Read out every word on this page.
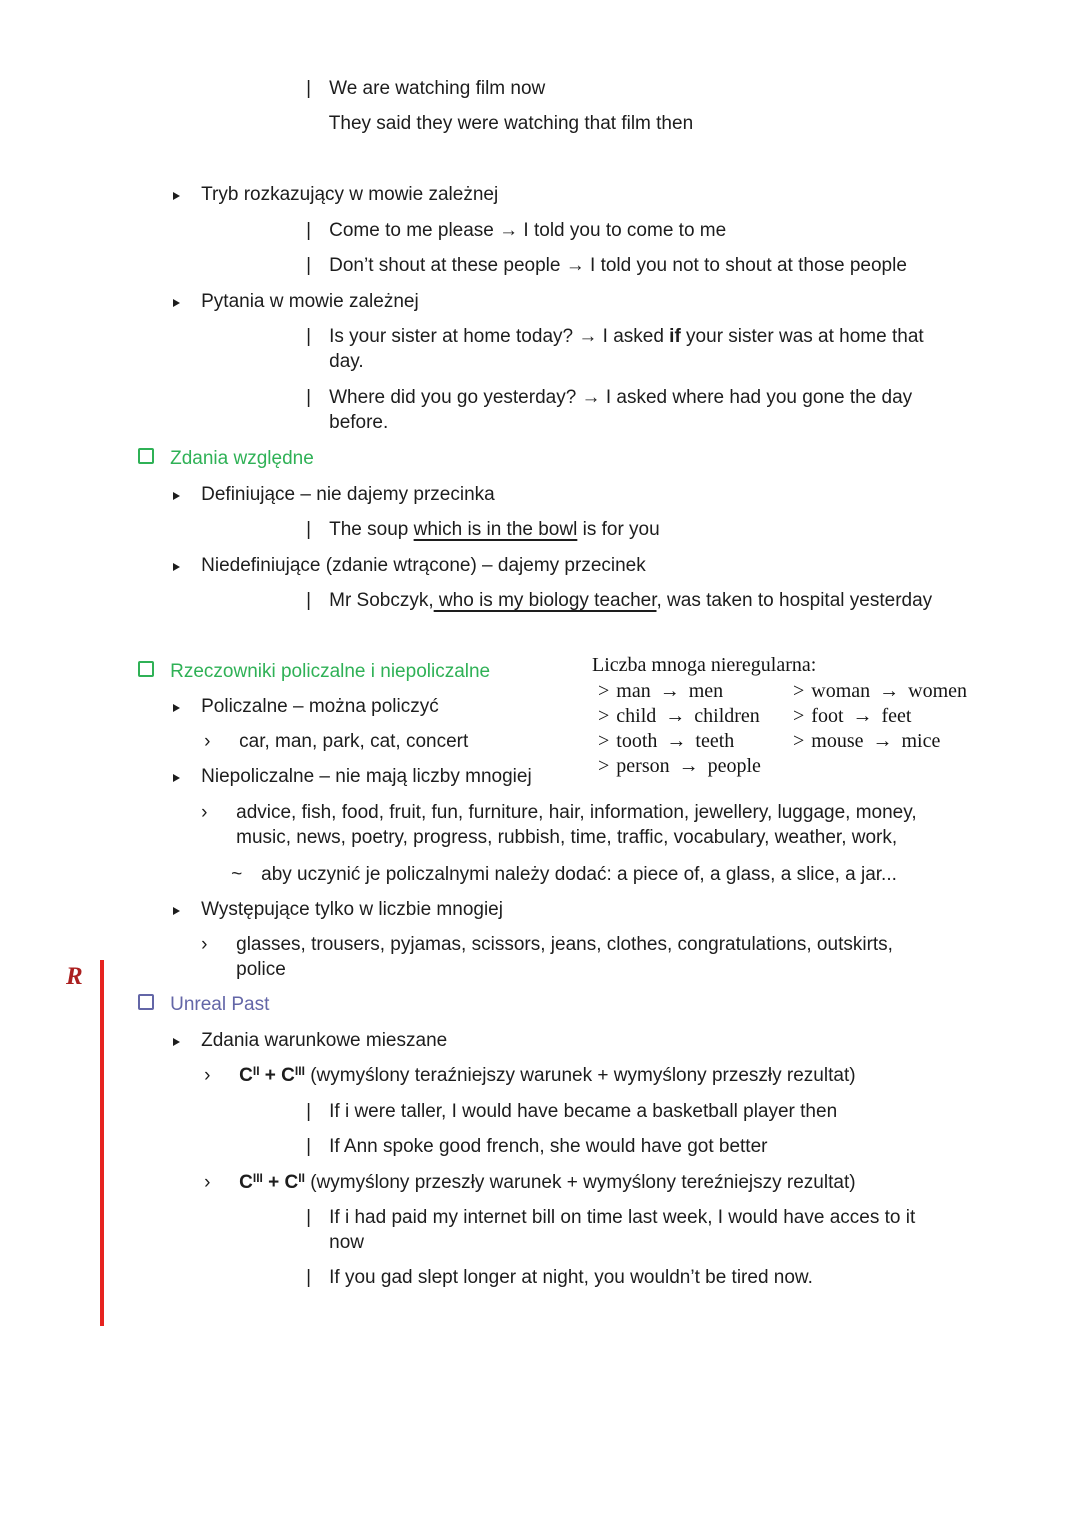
| We are watching film now

They said they were watching that film then

Tryb rozkazujący w mowie zależnej

| Come to me please → I told you to come to me

| Don’t shout at these people → I told you not to shout at those people

Pytania w mowie zależnej

| Is your sister at home today? → I asked if your sister was at home that

day.

| Where did you go yesterday? → I asked where had you gone the day

before.

Zdania względne

Definiujące – nie dajemy przecinka

| The soup which is in the bowl is for you

Niedefiniujące (zdanie wtrącone) – dajemy przecinek

| Mr Sobczyk, who is my biology teacher, was taken to hospital yesterday

Rzeczowniki policzalne i niepoliczalne
	Liczba mnoga nieregularna:

> man → men

> child → children

> tooth → teeth

> person → people

> woman → women

> foot → feet

> mouse → mice

Policzalne – można policzyć

› car, man, park, cat, concert

Niepoliczalne – nie mają liczby mnogiej

› advice, fish, food, fruit, fun, furniture, hair, information, jewellery, luggage, money,

music, news, poetry, progress, rubbish, time, traffic, vocabulary, weather, work,

~ aby uczynić je policzalnymi należy dodać: a piece of, a glass, a slice, a jar...

Występujące tylko w liczbie mnogiej

› glasses, trousers, pyjamas, scissors, jeans, clothes, congratulations, outskirts,

police

R

Unreal Past

Zdania warunkowe mieszane

› $C^{II} + C^{III}$ (wymyślony teraźniejszy warunek + wymyślony przeszły rezultat)

| If i were taller, I would have became a basketball player then

| If Ann spoke good french, she would have got better

› $C^{III} + C^{II}$ (wymyślony przeszły warunek + wymyślony tereźniejszy rezultat)

| If i had paid my internet bill on time last week, I would have acces to it

now

| If you gad slept longer at night, you wouldn’t be tired now.
